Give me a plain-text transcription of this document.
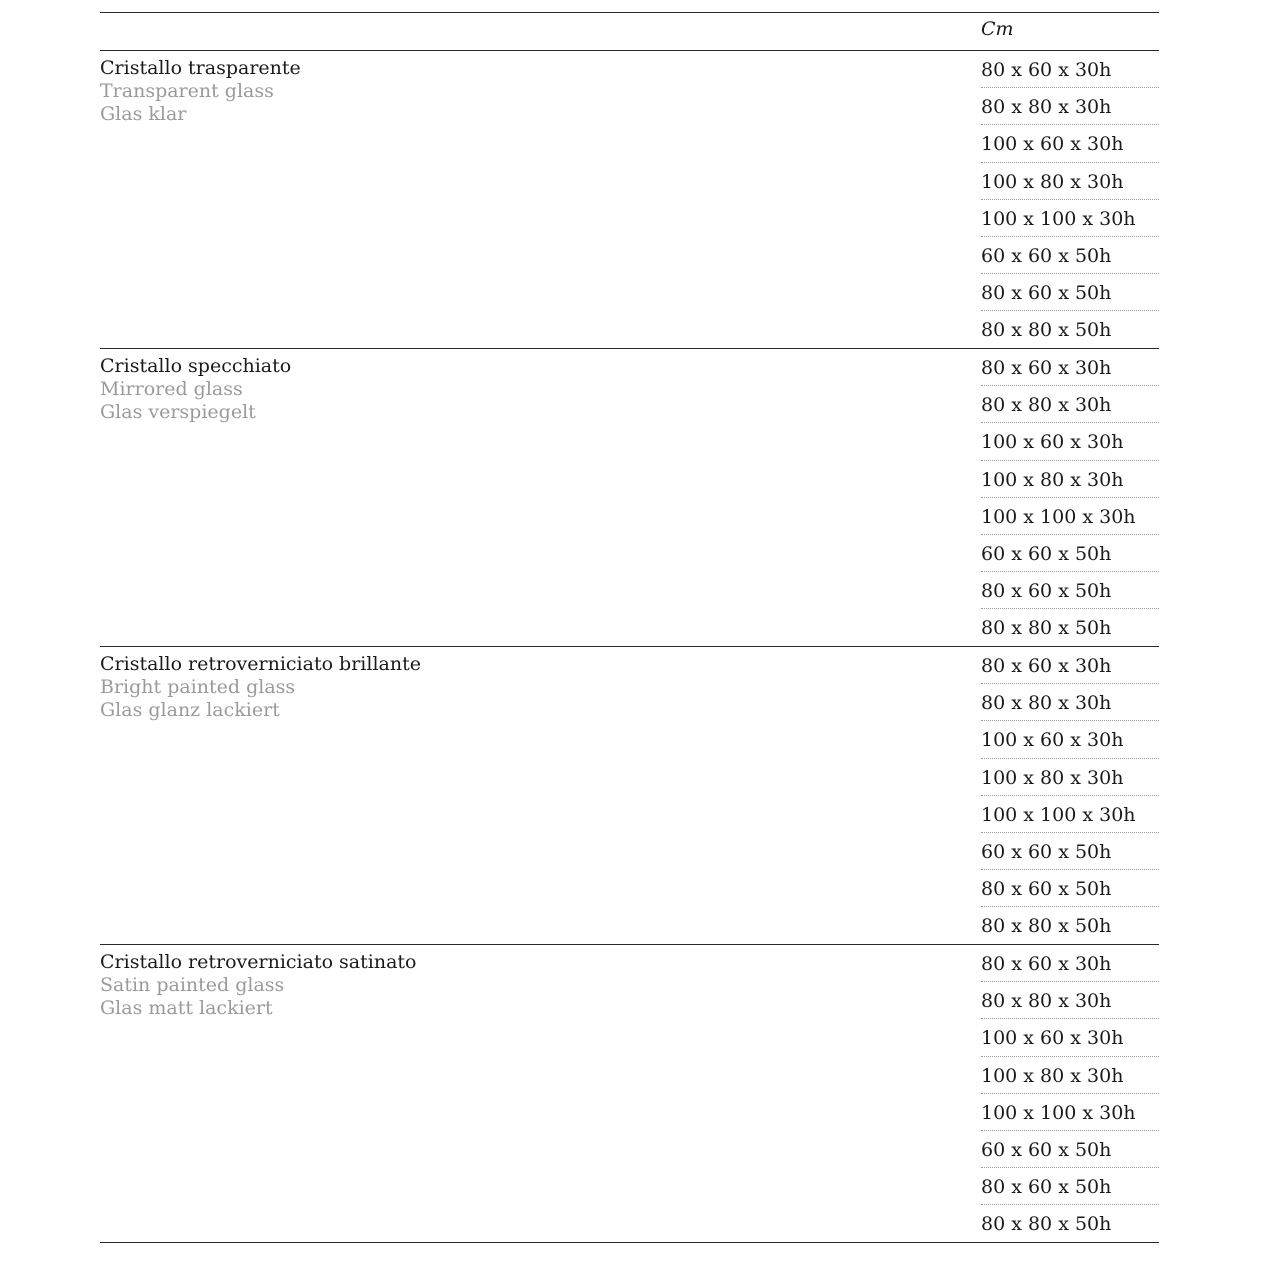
Cm
Cristallo trasparente
Transparent glass
Glas klar
80 x 60 x 30h
80 x 80 x 30h
100 x 60 x 30h
100 x 80 x 30h
100 x 100 x 30h
60 x 60 x 50h
80 x 60 x 50h
80 x 80 x 50h
Cristallo specchiato
Mirrored glass
Glas verspiegelt
80 x 60 x 30h
80 x 80 x 30h
100 x 60 x 30h
100 x 80 x 30h
100 x 100 x 30h
60 x 60 x 50h
80 x 60 x 50h
80 x 80 x 50h
Cristallo retroverniciato brillante
Bright painted glass
Glas glanz lackiert
80 x 60 x 30h
80 x 80 x 30h
100 x 60 x 30h
100 x 80 x 30h
100 x 100 x 30h
60 x 60 x 50h
80 x 60 x 50h
80 x 80 x 50h
Cristallo retroverniciato satinato
Satin painted glass
Glas matt lackiert
80 x 60 x 30h
80 x 80 x 30h
100 x 60 x 30h
100 x 80 x 30h
100 x 100 x 30h
60 x 60 x 50h
80 x 60 x 50h
80 x 80 x 50h
